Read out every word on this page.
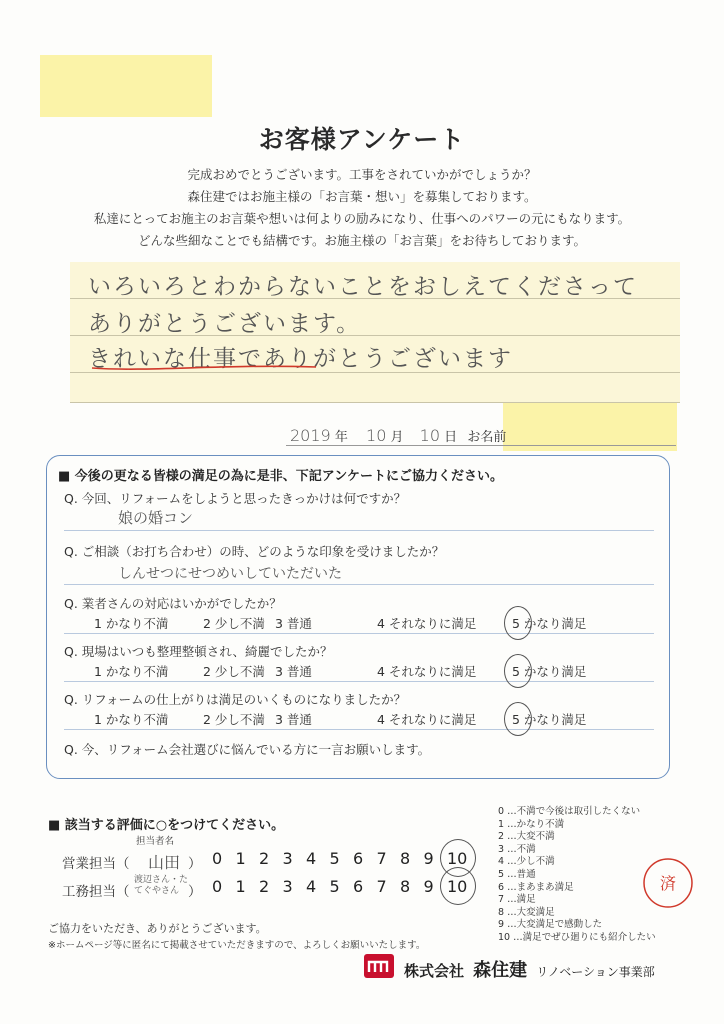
お客様アンケート
完成おめでとうございます。工事をされていかがでしょうか？
森住建ではお施主様の「お言葉・想い」を募集しております。
私達にとってお施主のお言葉や想いは何よりの励みになり、仕事へのパワーの元にもなります。
どんな些細なことでも結構です。お施主様の「お言葉」をお待ちしております。
いろいろとわからないことをおしえてくださって
ありがとうございます。
きれいな仕事でありがとうございます
2019 年 10 月 10 日 お名前
■ 今後の更なる皆様の満足の為に是非、下記アンケートにご協力ください。
Q. 今回、リフォームをしようと思ったきっかけは何ですか？
娘の婚コン
Q. ご相談（お打ち合わせ）の時、どのような印象を受けましたか？
しんせつにせつめいしていただいた
Q. 業者さんの対応はいかがでしたか？
Q. 現場はいつも整理整頓され、綺麗でしたか？
Q. リフォームの仕上がりは満足のいくものになりましたか？
Q. 今、リフォーム会社選びに悩んでいる方に一言お願いします。
1 かなり不満	2 少し不満 3 普通	4 それなりに満足	5 かなり満足
1 かなり不満	2 少し不満 3 普通	4 それなりに満足	5 かなり満足
1 かなり不満	2 少し不満 3 普通	4 それなりに満足	5 かなり満足
■ 該当する評価に○をつけてください。
担当者名
営業担当（ 山田 ）
工務担当（
渡辺さん・たてぐやさん ）
0 1 2 3 4 5 6 7 8 9 10
0 1 2 3 4 5 6 7 8 9 10
0 …不満で今後は取引したくない
1 …かなり不満
2 …大変不満
3 …不満
4 …少し不満
5 …普通
6 …まあまあ満足
7 …満足
8 …大変満足
9 …大変満足で感動した
10 …満足でぜひ廻りにも紹介したい
済
ご協力をいただき、ありがとうございます。
※ホームページ等に匿名にて掲載させていただきますので、よろしくお願いいたします。
株式会社 森住建 リノベーション事業部
